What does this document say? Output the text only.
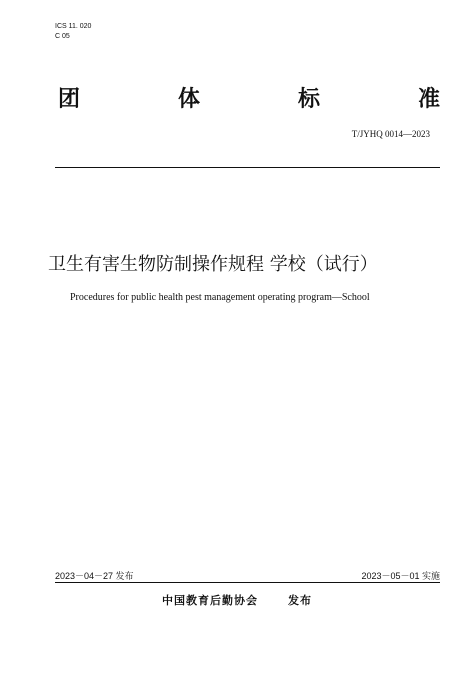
ICS 11. 020
C 05
团	体	标	准
T/JYHQ 0014—2023
卫生有害生物防制操作规程 学校（试行）
Procedures for public health pest management operating program—School
2023－04－27 发布	2023－05－01 实施
中国教育后勤协会	发布
